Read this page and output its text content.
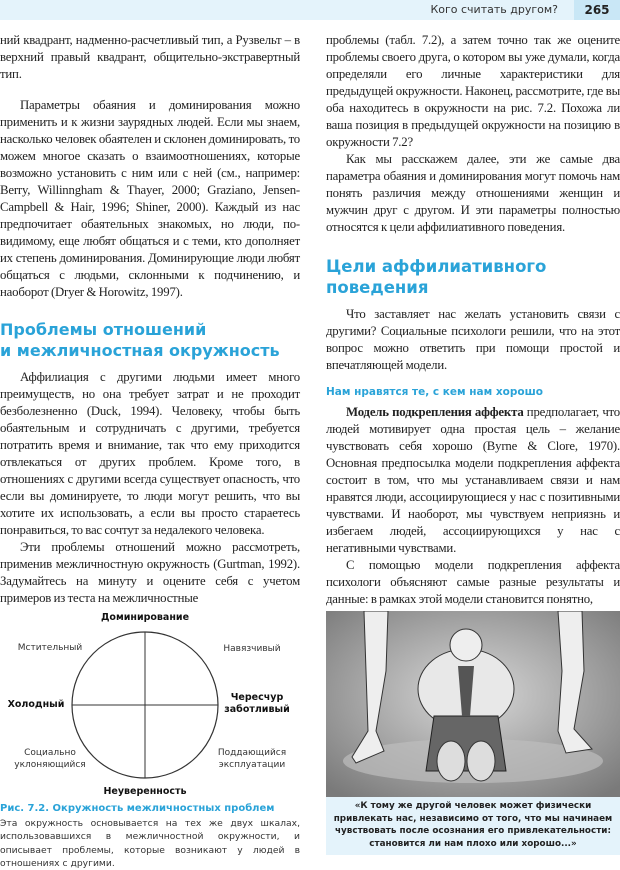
Кого считать другом?	265

ний квадрант, надменно-расчетливый тип, а Рузвельт – в верхний правый квадрант, общительно-экстравертный тип.

Параметры обаяния и доминирования можно применить и к жизни заурядных людей. Если мы знаем, насколько человек обаятелен и склонен доминировать, то можем многое сказать о взаимоотношениях, которые возможно установить с ним или с ней (см., например: Berry, Willinngham & Thayer, 2000; Graziano, Jensen-Campbell & Hair, 1996; Shiner, 2000). Каждый из нас предпочитает обаятельных знакомых, но люди, по-видимому, еще любят общаться и с теми, кто дополняет их степень доминирования. Доминирующие люди любят общаться с людьми, склонными к подчинению, и наоборот (Dryer & Horowitz, 1997).

Проблемы отношений
и межличностная окружность

Аффилиация с другими людьми имеет много преимуществ, но она требует затрат и не проходит безболезненно (Duck, 1994). Человеку, чтобы быть обаятельным и сотрудничать с другими, требуется потратить время и внимание, так что ему приходится отвлекаться от других проблем. Кроме того, в отношениях с другими всегда существует опасность, что если вы доминируете, то люди могут решить, что вы хотите их использовать, а если вы просто стараетесь понравиться, то вас сочтут за недалекого человека.

Эти проблемы отношений можно рассмотреть, применив межличностную окружность (Gurtman, 1992). Задумайтесь на минуту и оцените себя с учетом примеров из теста на межличностные

проблемы (табл. 7.2), а затем точно так же оцените проблемы своего друга, о котором вы уже думали, когда определяли его личные характеристики для предыдущей окружности. Наконец, рассмотрите, где вы оба находитесь в окружности на рис. 7.2. Похожа ли ваша позиция в предыдущей окружности на позицию в окружности 7.2?

Как мы расскажем далее, эти же самые два параметра обаяния и доминирования могут помочь нам понять различия между отношениями женщин и мужчин друг с другом. И эти параметры полностью относятся к цели аффилиативного поведения.

Цели аффилиативного поведения

Что заставляет нас желать установить связи с другими? Социальные психологи решили, что на этот вопрос можно ответить при помощи простой и впечатляющей модели.

Нам нравятся те, с кем нам хорошо

Модель подкрепления аффекта предполагает, что людей мотивирует одна простая цель – желание чувствовать себя хорошо (Byrne & Clore, 1970). Основная предпосылка модели подкрепления аффекта состоит в том, что мы устанавливаем связи и нам нравятся люди, ассоциирующиеся у нас с позитивными чувствами. И наоборот, мы чувствуем неприязнь и избегаем людей, ассоциирующихся у нас с негативными чувствами.

С помощью модели подкрепления аффекта психологи объясняют самые разные результаты и данные: в рамках этой модели становится понятно,

Доминирование
Неуверенность
Холодный
Чересчур
заботливый
Мстительный	Навязчивый
Социально
уклоняющийся
Поддающийся
эксплуатации
Рис. 7.2. Окружность межличностных проблем
Эта окружность основывается на тех же двух шкалах, использовавшихся в межличностной окружности, и описывает проблемы, которые возникают у людей в отношениях с другими.
«К тому же другой человек может физически привлекать нас, независимо от того, что мы начинаем чувствовать после осознания его привлекательности: становится ли нам плохо или хорошо...»
